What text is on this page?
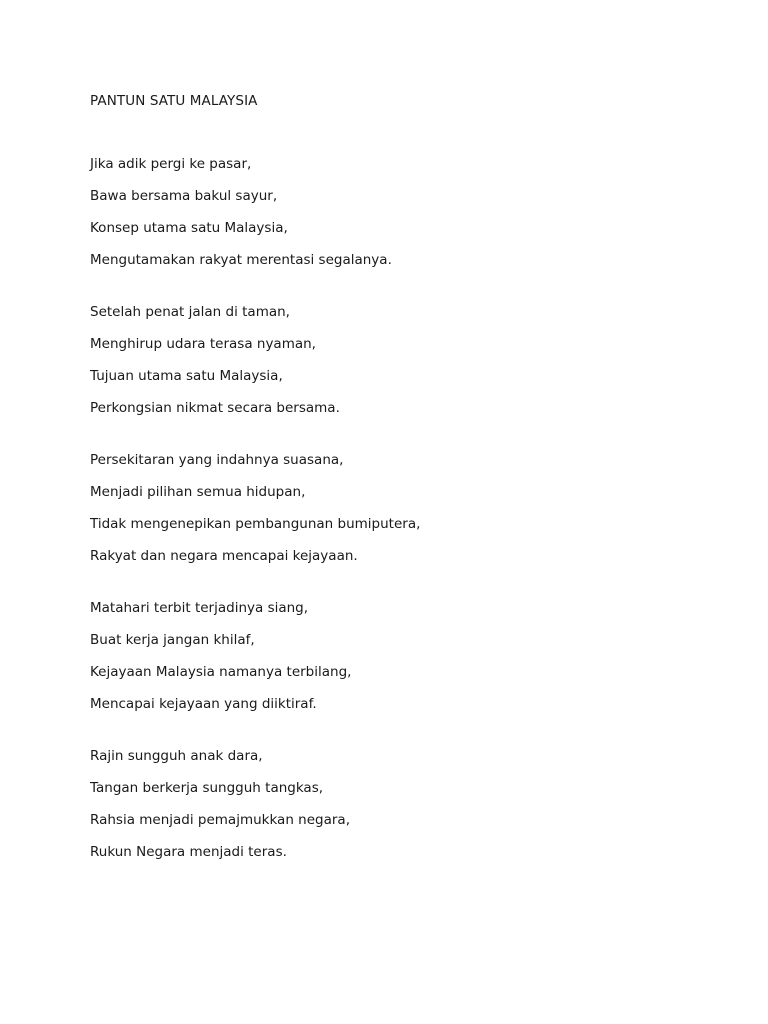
PANTUN SATU MALAYSIA
Jika adik pergi ke pasar,
Bawa bersama bakul sayur,
Konsep utama satu Malaysia,
Mengutamakan rakyat merentasi segalanya.
Setelah penat jalan di taman,
Menghirup udara terasa nyaman,
Tujuan utama satu Malaysia,
Perkongsian nikmat secara bersama.
Persekitaran yang indahnya suasana,
Menjadi pilihan semua hidupan,
Tidak mengenepikan pembangunan bumiputera,
Rakyat dan negara mencapai kejayaan.
Matahari terbit terjadinya siang,
Buat kerja jangan khilaf,
Kejayaan Malaysia namanya terbilang,
Mencapai kejayaan yang diiktiraf.
Rajin sungguh anak dara,
Tangan berkerja sungguh tangkas,
Rahsia menjadi pemajmukkan negara,
Rukun Negara menjadi teras.
